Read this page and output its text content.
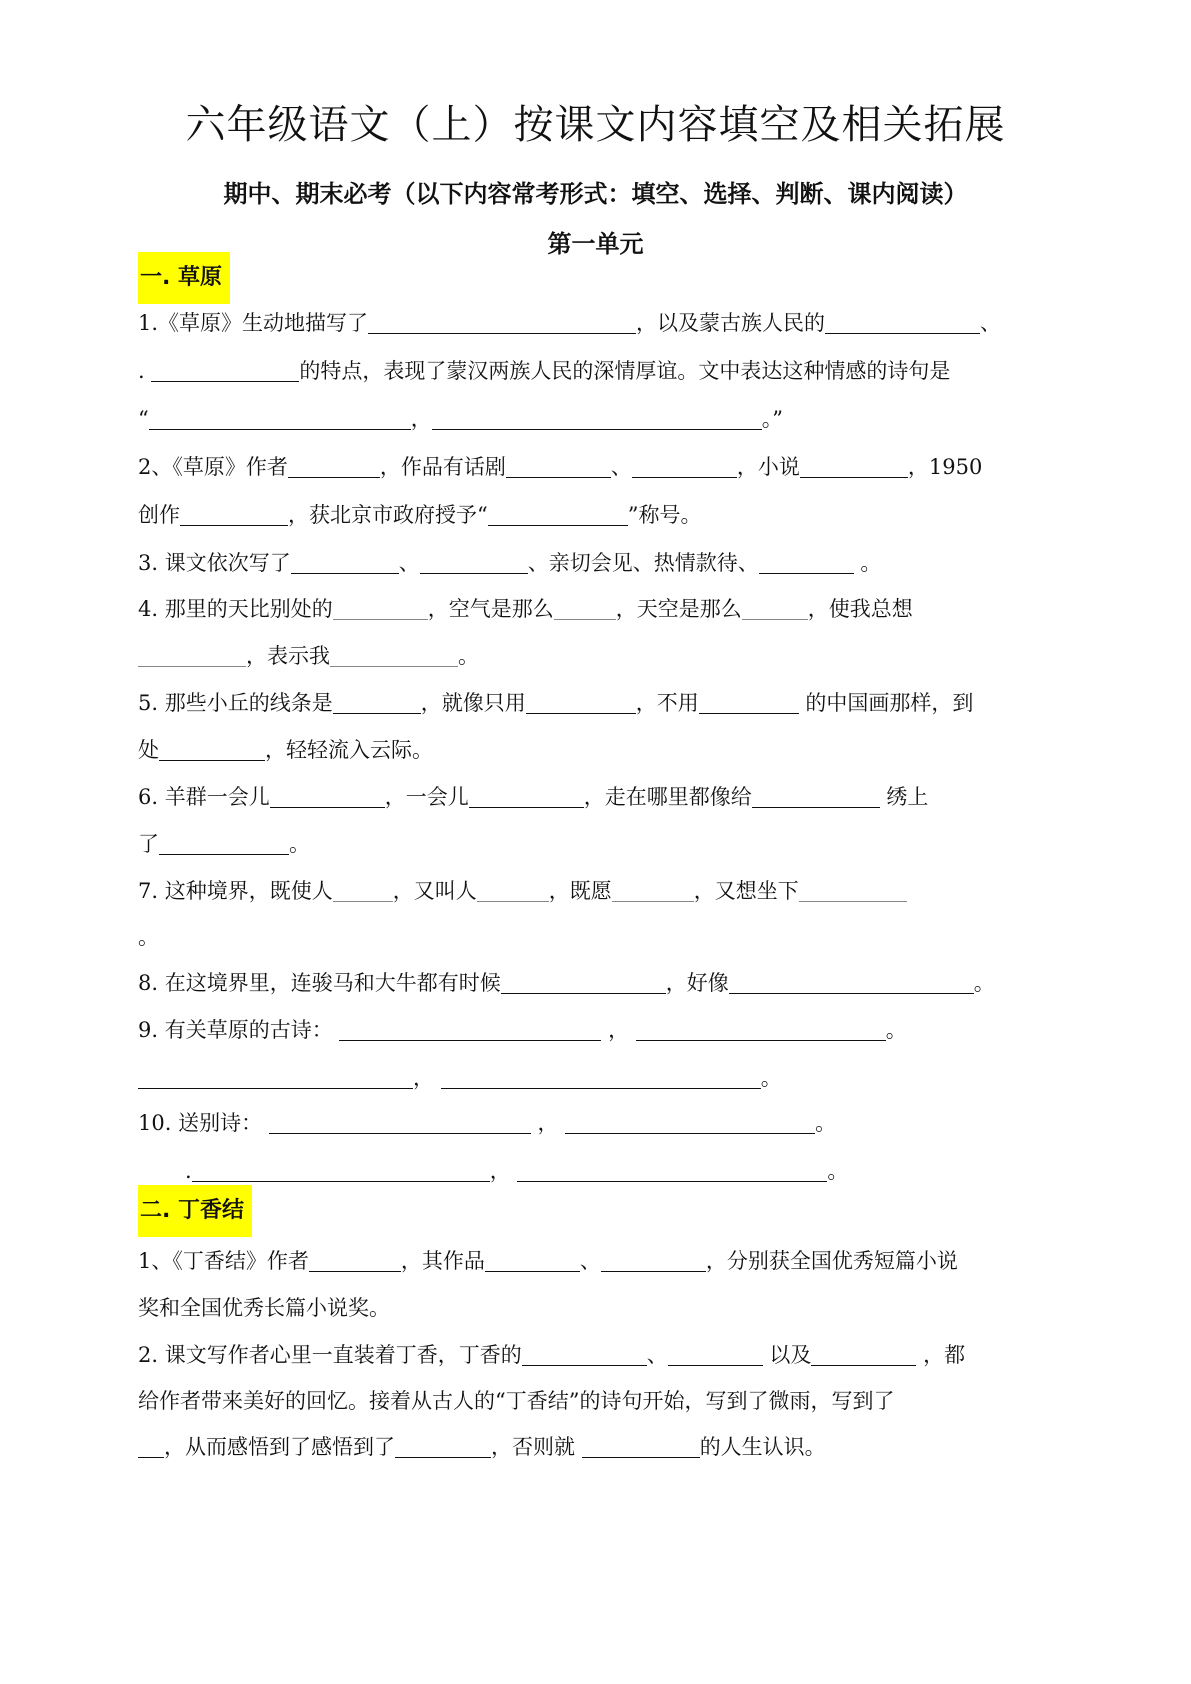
六年级语文（上）按课文内容填空及相关拓展
期中、期末必考（以下内容常考形式：填空、选择、判断、课内阅读）
第一单元
一. 草原
1.《草原》生动地描写了	，以及蒙古族人民的	、
.	的特点，表现了蒙汉两族人民的深情厚谊。文中表达这种情感的诗句是
“	，	。”
2、《草原》作者	，作品有话剧	、	，小说	，1950
创作	，获北京市政府授予“	”称号。
3. 课文依次写了	、	、亲切会见、热情款待、	。
4. 那里的天比别处的	，空气是那么	，天空是那么	，使我总想
，表示我	。
5. 那些小丘的线条是	，就像只用	，不用	的中国画那样，到
处	，轻轻流入云际。
6. 羊群一会儿	，一会儿	，走在哪里都像给	绣上
了	。
7. 这种境界，既使人	，又叫人	，既愿	，又想坐下
。
8. 在这境界里，连骏马和大牛都有时候	，好像	。
9. 有关草原的古诗：	，	。
，	。
10. 送别诗：	，	。
.	，	。
二. 丁香结
1、《丁香结》作者	，其作品	、	，分别获全国优秀短篇小说
奖和全国优秀长篇小说奖。
2. 课文写作者心里一直装着丁香，丁香的	、	以及	，都
给作者带来美好的回忆。接着从古人的“丁香结”的诗句开始，写到了微雨，写到了
，从而感悟到了感悟到了	，否则就	的人生认识。
